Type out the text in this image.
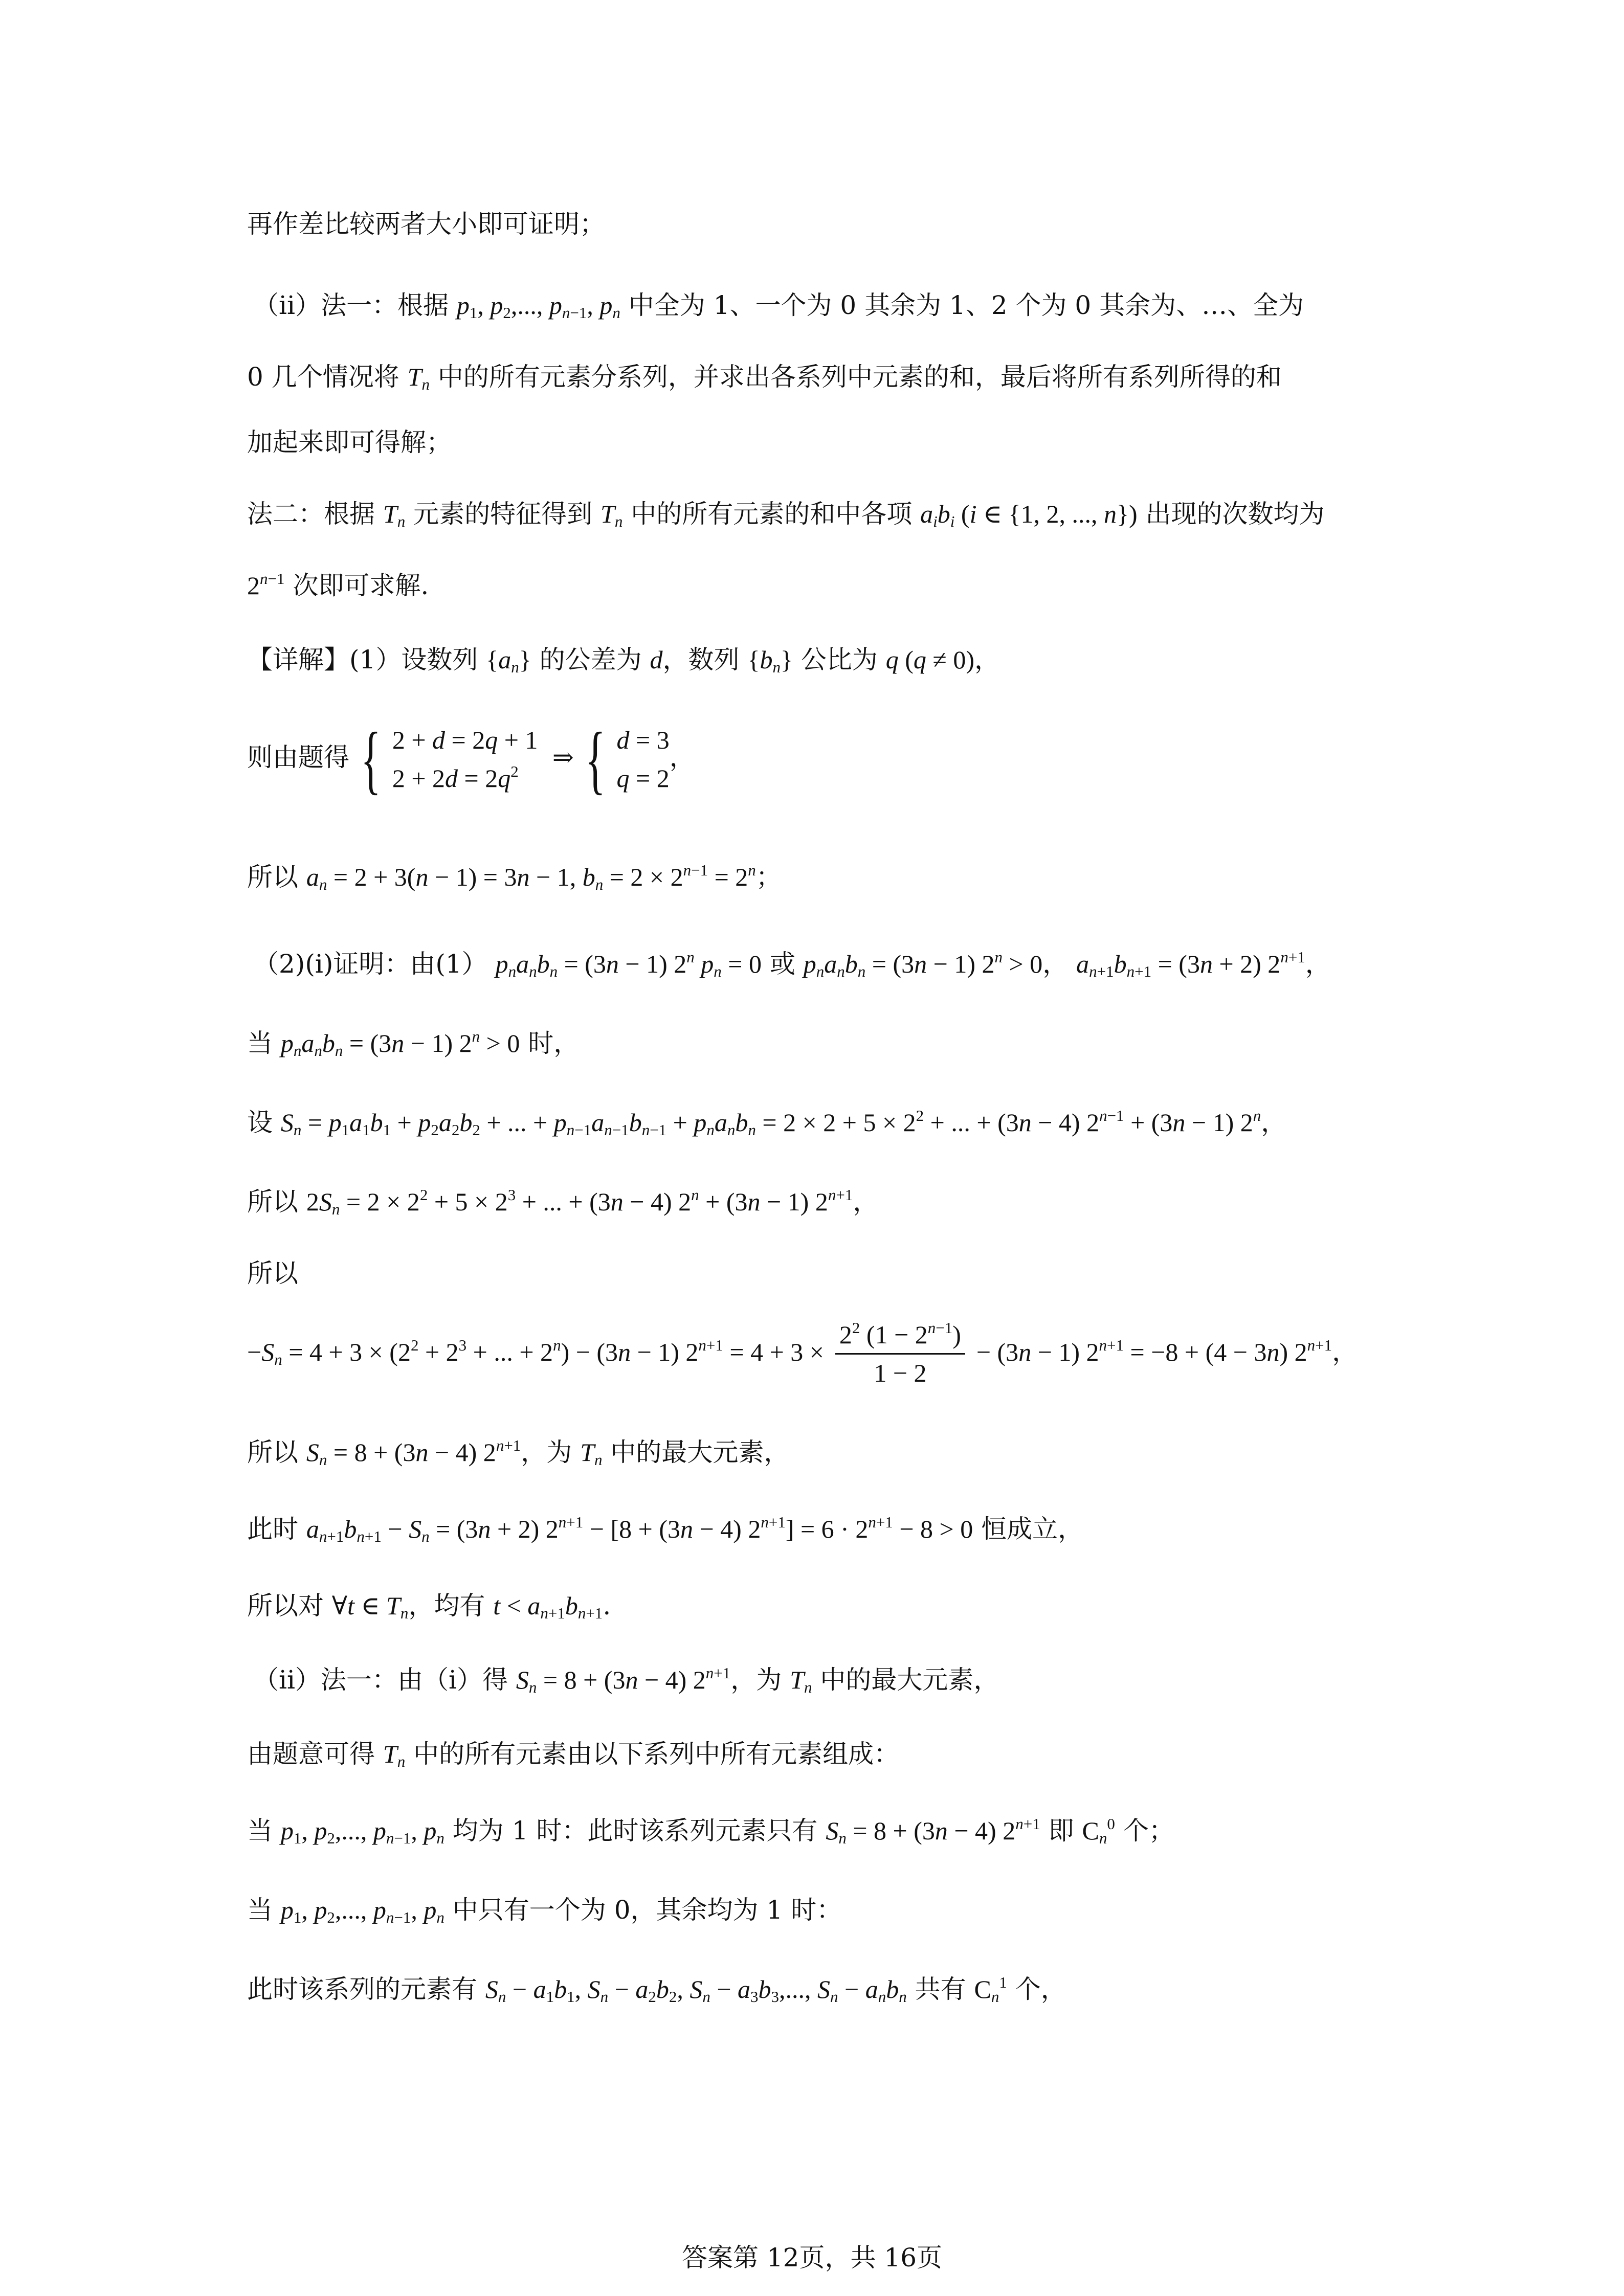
再作差比较两者大小即可证明；
（ⅱ）法一：根据 $p_1$, $p_2$,..., $p_{n-1}$, $p_n$ 中全为 1、一个为 0 其余为 1、2 个为 0 其余为、…、全为
0 几个情况将 $T_n$ 中的所有元素分系列，并求出各系列中元素的和，最后将所有系列所得的和
加起来即可得解；
法二：根据 $T_n$ 元素的特征得到 $T_n$ 中的所有元素的和中各项 $a_ib_i$ (i ∈ {1, 2, ..., n}) 出现的次数均为
$2^{n-1}$ 次即可求解.
【详解】(1）设数列 $\{a_n\}$ 的公差为 d，数列 $\{b_n\}$ 公比为 q (q ≠ 0)，
则由题得 { 2 + d = 2q + 1
$2 + 2d = 2q^2$	⇒ { d = 3
q = 2
，
所以 $a_n = 2 + 3(n - 1) = 3n - 1$, $b_n = 2 \times 2^{n-1} = 2^n$；
（2)(ⅰ)证明：由(1） $p_na_nb_n = (3n - 1)$ 2$^n$ $p_n = 0$ 或 $p_na_nb_n = (3n - 1) 2^n > 0$， $a_{n+1}b_{n+1} = (3n + 2)$ $2^{n+1}$，
当 $p_na_nb_n = (3n - 1) 2^n > 0$ 时，
设 $S_n = p_1a_1b_1 + p_2a_2b_2$ + ... + $p_{n-1}a_{n-1}b_{n-1} + p_na_nb_n = 2 \times 2 + 5 \times 2^2$ + ... + (3n − 4) $2^{n-1} + (3n - 1)$ 2$^n$，
所以 $2S_n = 2 \times 2^2 + 5 \times 2^3$ + ... + (3n − 4) $2^n + (3n - 1)$ $2^{n+1}$，
所以
$-S_n = 4 + 3 \times (2^2 + 2^3$ + ... + $2^n) - (3n - 1)$ $2^{n+1} = 4 + 3 \times \frac{2^2 (1 - 2^{n-1})}{1 - 2} - (3n - 1) 2^{n+1} = -8 + (4 - 3n)$ $2^{n+1}$，
所以 $S_n = 8 + (3n - 4)$ $2^{n+1}$，为 $T_n$ 中的最大元素，
此时 $a_{n+1}b_{n+1} - S_n = (3n + 2) 2^{n+1} - [8 + (3n - 4) 2^{n+1}] = 6 \cdot 2^{n+1} - 8 > 0$ 恒成立，
所以对 ∀t ∈ $T_n$，均有 $t < a_{n+1}b_{n+1}$.
（ⅱ）法一：由（ⅰ）得 $S_n = 8 + (3n - 4)$ $2^{n+1}$，为 $T_n$ 中的最大元素，
由题意可得 $T_n$ 中的所有元素由以下系列中所有元素组成：
当 $p_1$, $p_2$,..., $p_{n-1}$, $p_n$ 均为 1 时：此时该系列元素只有 $S_n = 8 + (3n - 4)$ $2^{n+1}$ 即 $C_n^0$ 个；
当 $p_1$, $p_2$,..., $p_{n-1}$, $p_n$ 中只有一个为 0，其余均为 1 时：
此时该系列的元素有 $S_n - a_1b_1$, $S_n - a_2b_2$, $S_n - a_3b_3$,..., $S_n - a_nb_n$ 共有 $C_n^1$ 个，
答案第 12页，共 16页
